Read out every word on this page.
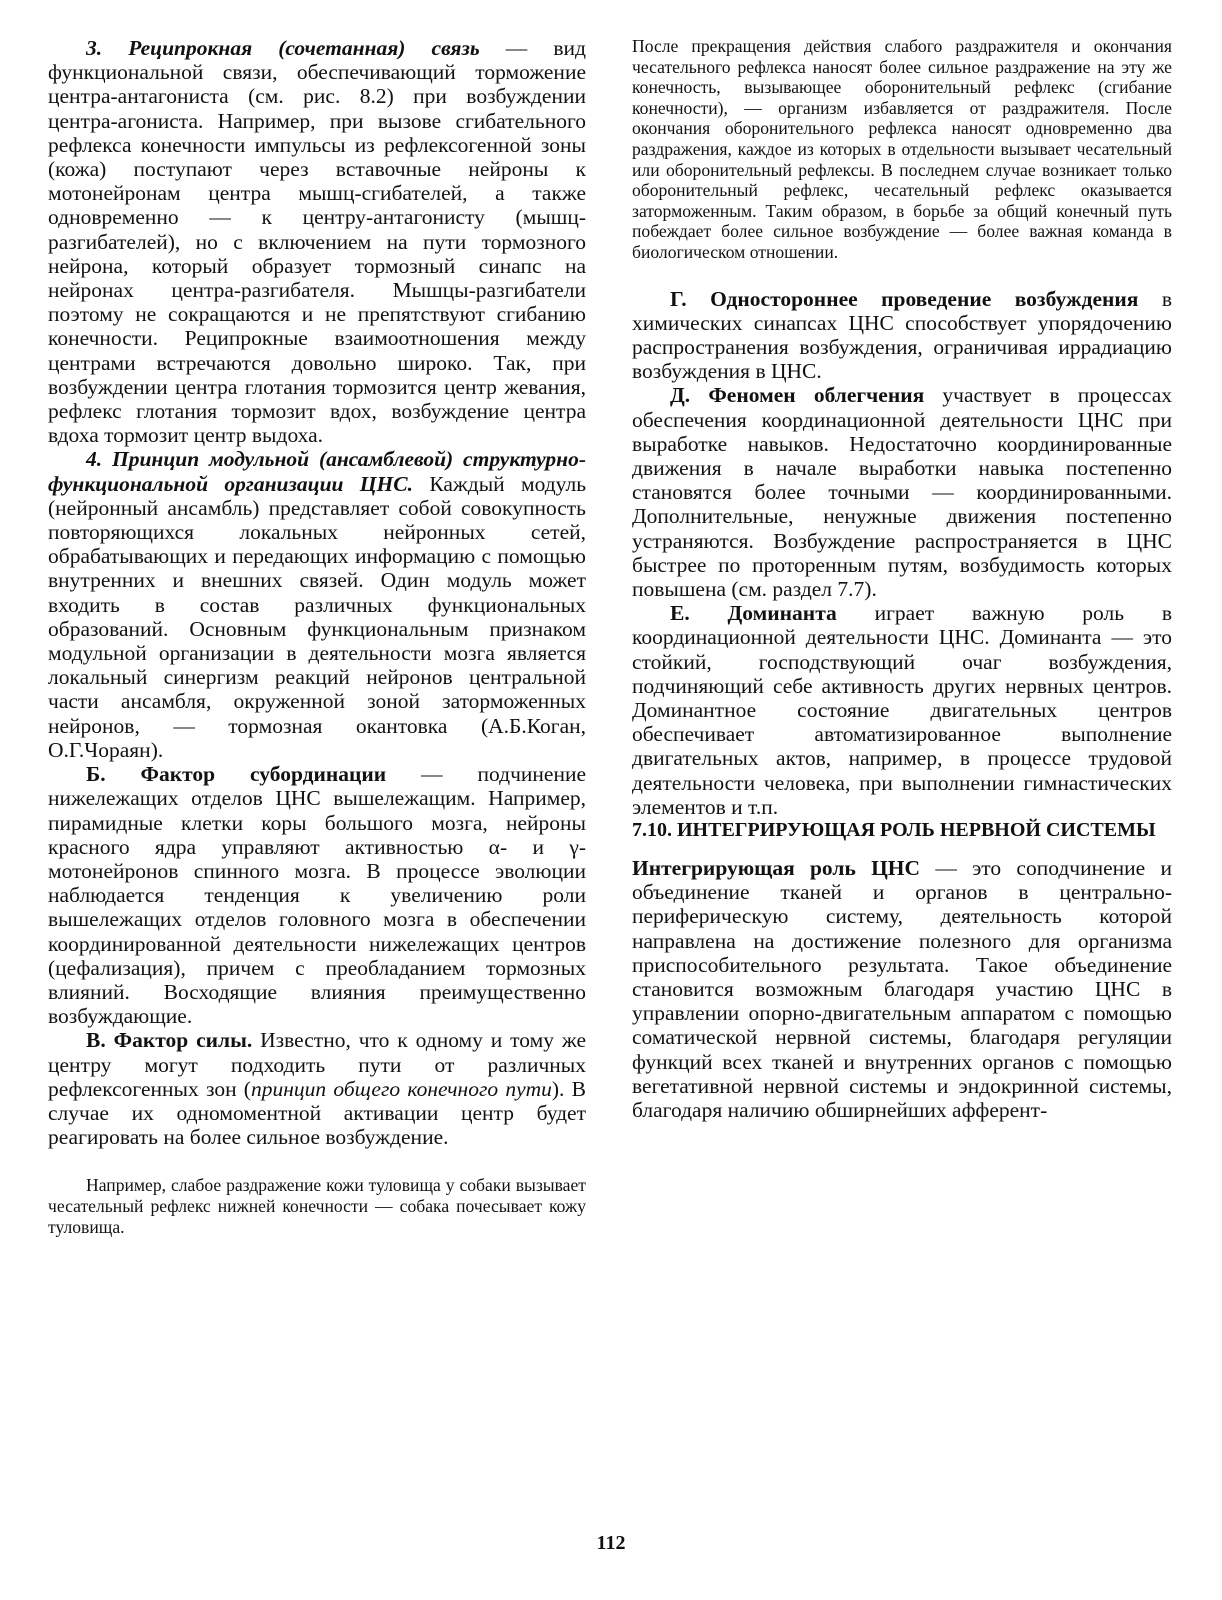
3. Реципрокная (сочетанная) связь — вид функциональной связи, обеспечивающий торможение центра-антагониста (см. рис. 8.2) при возбуждении центра-агониста. Например, при вызове сгибательного рефлекса конечности импульсы из рефлексогенной зоны (кожа) поступают через вставочные нейроны к мотонейронам центра мышц-сгибателей, а также одновременно — к центру-антагонисту (мышц-разгибателей), но с включением на пути тормозного нейрона, который образует тормозный синапс на нейронах центра-разгибателя. Мышцы-разгибатели поэтому не сокращаются и не препятствуют сгибанию конечности. Реципрокные взаимоотношения между центрами встречаются довольно широко. Так, при возбуждении центра глотания тормозится центр жевания, рефлекс глотания тормозит вдох, возбуждение центра вдоха тормозит центр выдоха.

4. Принцип модульной (ансамблевой) структурно-функциональной организации ЦНС. Каждый модуль (нейронный ансамбль) представляет собой совокупность повторяющихся локальных нейронных сетей, обрабатывающих и передающих информацию с помощью внутренних и внешних связей. Один модуль может входить в состав различных функциональных образований. Основным функциональным признаком модульной организации в деятельности мозга является локальный синергизм реакций нейронов центральной части ансамбля, окруженной зоной заторможенных нейронов, — тормозная окантовка (А.Б.Коган, О.Г.Чораян).

Б. Фактор субординации — подчинение нижележащих отделов ЦНС вышележащим. Например, пирамидные клетки коры большого мозга, нейроны красного ядра управляют активностью α- и γ-мотонейронов спинного мозга. В процессе эволюции наблюдается тенденция к увеличению роли вышележащих отделов головного мозга в обеспечении координированной деятельности нижележащих центров (цефализация), причем с преобладанием тормозных влияний. Восходящие влияния преимущественно возбуждающие.

В. Фактор силы. Известно, что к одному и тому же центру могут подходить пути от различных рефлексогенных зон (принцип общего конечного пути). В случае их одномоментной активации центр будет реагировать на более сильное возбуждение.

Например, слабое раздражение кожи туловища у собаки вызывает чесательный рефлекс нижней конечности — собака почесывает кожу туловища.

После прекращения действия слабого раздражителя и окончания чесательного рефлекса наносят более сильное раздражение на эту же конечность, вызывающее оборонительный рефлекс (сгибание конечности), — организм избавляется от раздражителя. После окончания оборонительного рефлекса наносят одновременно два раздражения, каждое из которых в отдельности вызывает чесательный или оборонительный рефлексы. В последнем случае возникает только оборонительный рефлекс, чесательный рефлекс оказывается заторможенным. Таким образом, в борьбе за общий конечный путь побеждает более сильное возбуждение — более важная команда в биологическом отношении.

Г. Одностороннее проведение возбуждения в химических синапсах ЦНС способствует упорядочению распространения возбуждения, ограничивая иррадиацию возбуждения в ЦНС.

Д. Феномен облегчения участвует в процессах обеспечения координационной деятельности ЦНС при выработке навыков. Недостаточно координированные движения в начале выработки навыка постепенно становятся более точными — координированными. Дополнительные, ненужные движения постепенно устраняются. Возбуждение распространяется в ЦНС быстрее по проторенным путям, возбудимость которых повышена (см. раздел 7.7).

Е. Доминанта играет важную роль в координационной деятельности ЦНС. Доминанта — это стойкий, господствующий очаг возбуждения, подчиняющий себе активность других нервных центров. Доминантное состояние двигательных центров обеспечивает автоматизированное выполнение двигательных актов, например, в процессе трудовой деятельности человека, при выполнении гимнастических элементов и т.п.

7.10. ИНТЕГРИРУЮЩАЯ РОЛЬ НЕРВНОЙ СИСТЕМЫ

Интегрирующая роль ЦНС — это соподчинение и объединение тканей и органов в центрально-периферическую систему, деятельность которой направлена на достижение полезного для организма приспособительного результата. Такое объединение становится возможным благодаря участию ЦНС в управлении опорно-двигательным аппаратом с помощью соматической нервной системы, благодаря регуляции функций всех тканей и внутренних органов с помощью вегетативной нервной системы и эндокринной системы, благодаря наличию обширнейших афферент-

112
